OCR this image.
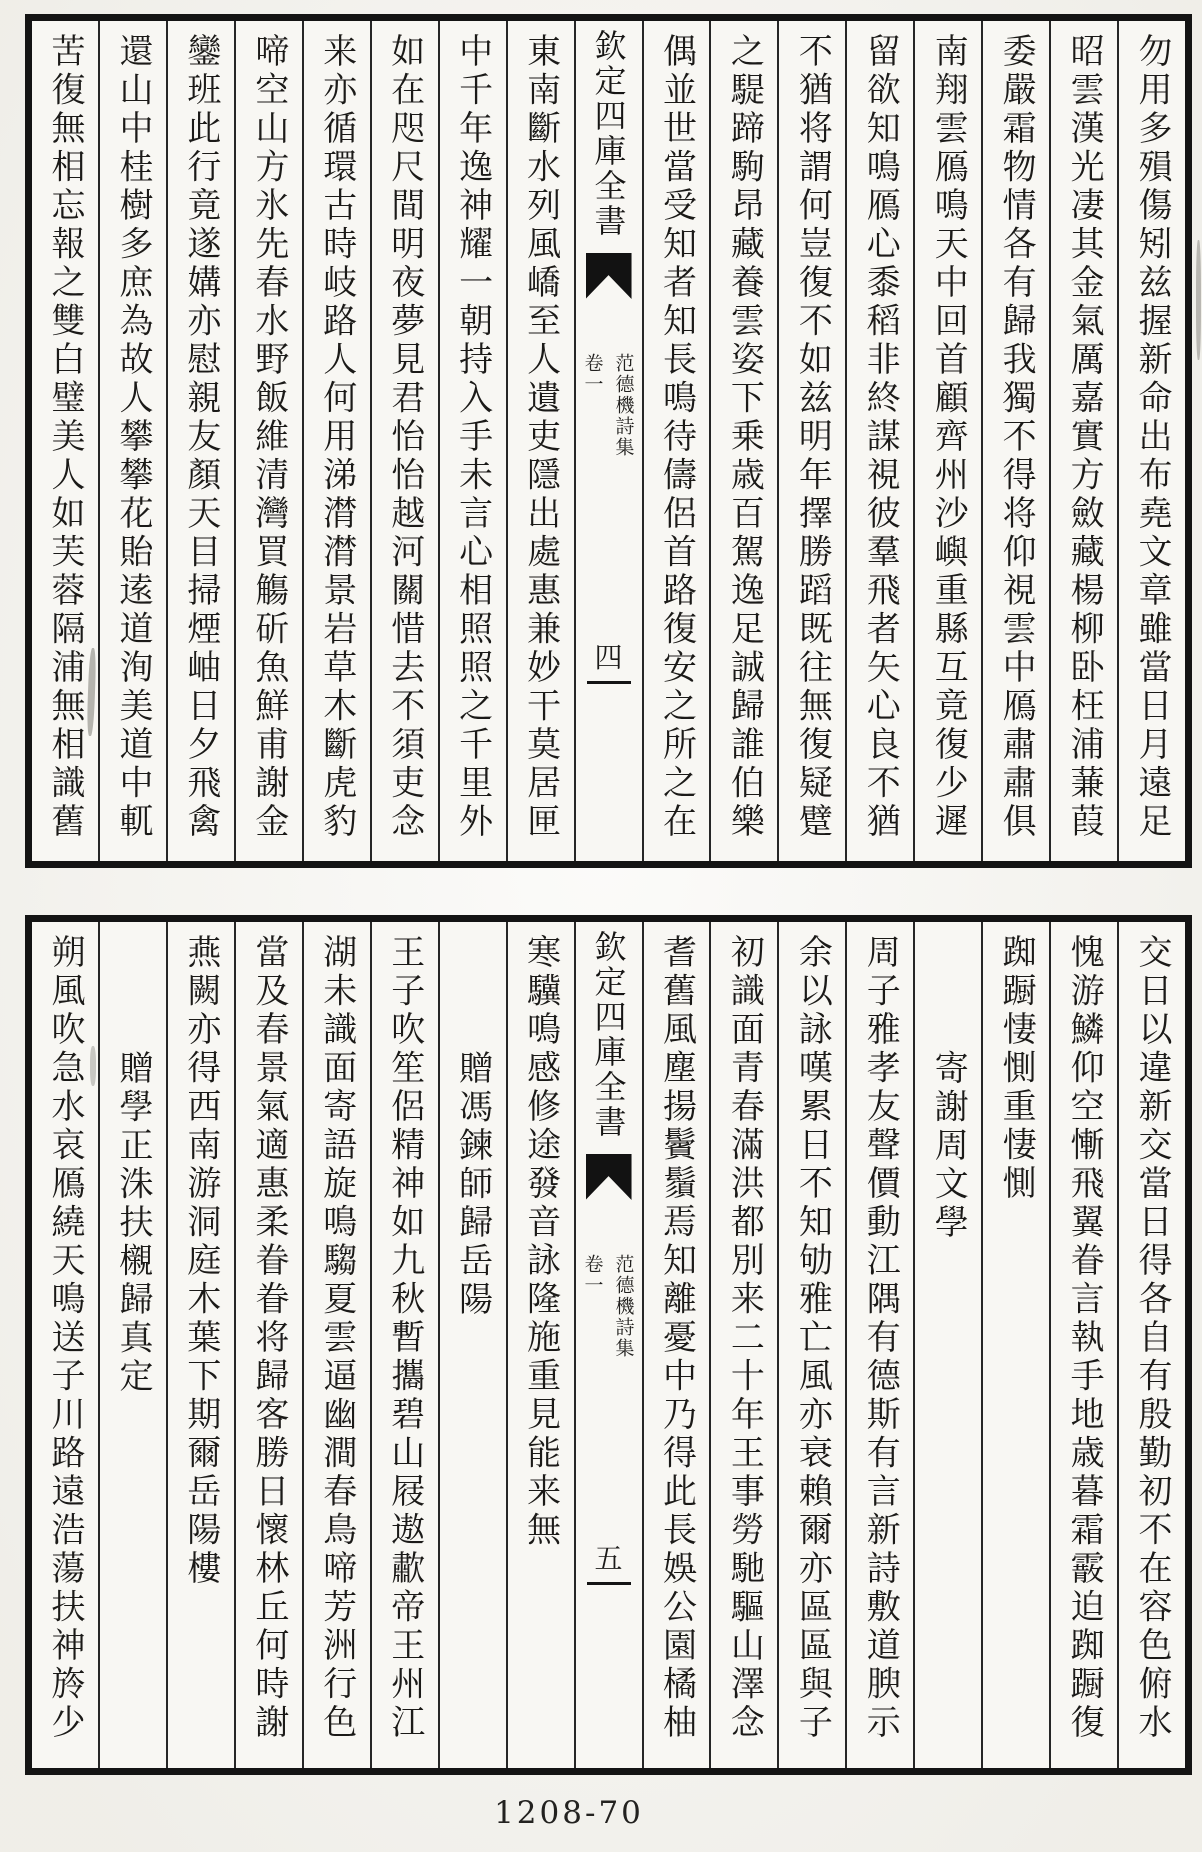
勿用多殞傷矧兹握新命出布堯文章雖當日月遠足
昭雲漢光凄其金氣厲嘉實方斂藏楊柳卧枉浦蒹葭
委嚴霜物情各有歸我獨不得将仰視雲中鴈肅肅俱
南翔雲鴈鳴天中回首顧齊州沙嶼重縣互竟復少遲
留欲知鳴鴈心黍稻非終謀視彼羣飛者矢心良不猶
不猶将謂何豈復不如兹明年擇勝蹈既往無復疑躄
之騠蹄駒昂藏養雲姿下乗歳百駕逸足誠歸誰伯樂
偶並世當受知者知長鳴待儔侶首路復安之所之在
欽定四庫全書
范德機詩集
卷一
四
東南斷水列風嶠至人遺吏隱出處惠兼妙干莫居匣
中千年逸神耀一朝持入手未言心相照照之千里外
如在咫尺間明夜夢見君怡怡越河關惜去不須吏念
来亦循環古時岐路人何用涕潸潸景岩草木斷虎豹
啼空山方氷先春水野飯維清灣買觴斫魚鮮甫謝金
鑾班此行竟遂媾亦慰親友顏天目掃煙岫日夕飛禽
還山中桂樹多庶為故人攀攀花貽逺道洵美道中軏
苦復無相忘報之雙白璧美人如芙蓉隔浦無相識舊
交日以違新交當日得各自有殷勤初不在容色俯水
愧游鱗仰空慚飛翼眷言執手地歳暮霜霰迫踟蹰復
踟蹰悽惻重悽惻
寄謝周文學
周子雅孝友聲價動江隅有德斯有言新詩敷道腴示
余以詠嘆累日不知劬雅亡風亦衰賴爾亦區區與子
初識面青春滿洪都別来二十年王事勞馳驅山澤念
耆舊風塵揚鬢鬚焉知離憂中乃得此長娛公園橘柚
欽定四庫全書
范德機詩集
卷一
五
寒驥鳴感修途發音詠隆施重見能来無
贈馮鍊師歸岳陽
王子吹笙侶精神如九秋暫攜碧山屐遨歗帝王州江
湖未識面寄語旋鳴騶夏雲逼幽澗春鳥啼芳洲行色
當及春景氣適惠柔眷眷将歸客勝日懷林丘何時謝
燕闕亦得西南游洞庭木葉下期爾岳陽樓
贈學正洙扶櫬歸真定
朔風吹急水哀鴈繞天鳴送子川路遠浩蕩扶神旍少
1208-70
